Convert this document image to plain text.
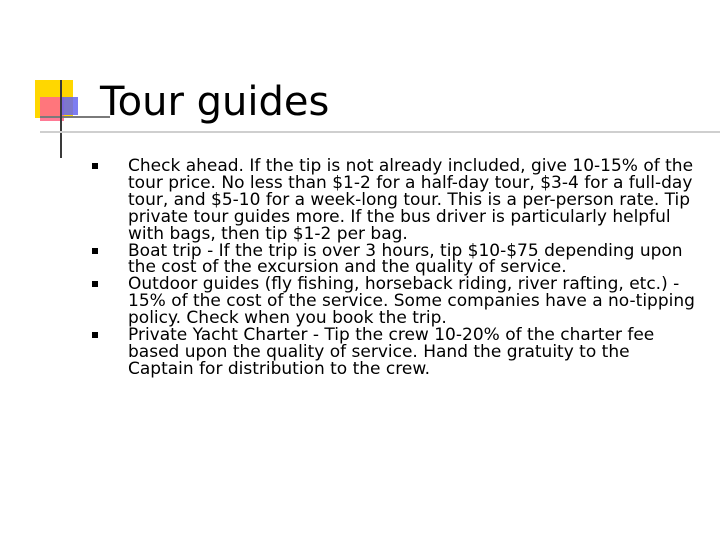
Tour guides
Check ahead. If the tip is not already included, give 10-15% of the tour price. No less than $1-2 for a half-day tour, $3-4 for a full-day tour, and $5-10 for a week-long tour. This is a per-person rate. Tip private tour guides more. If the bus driver is particularly helpful with bags, then tip $1-2 per bag.
Boat trip - If the trip is over 3 hours, tip $10-$75 depending upon the cost of the excursion and the quality of service.
Outdoor guides (fly fishing, horseback riding, river rafting, etc.) - 15% of the cost of the service. Some companies have a no-tipping policy. Check when you book the trip.
Private Yacht Charter - Tip the crew 10-20% of the charter fee based upon the quality of service. Hand the gratuity to the Captain for distribution to the crew.
